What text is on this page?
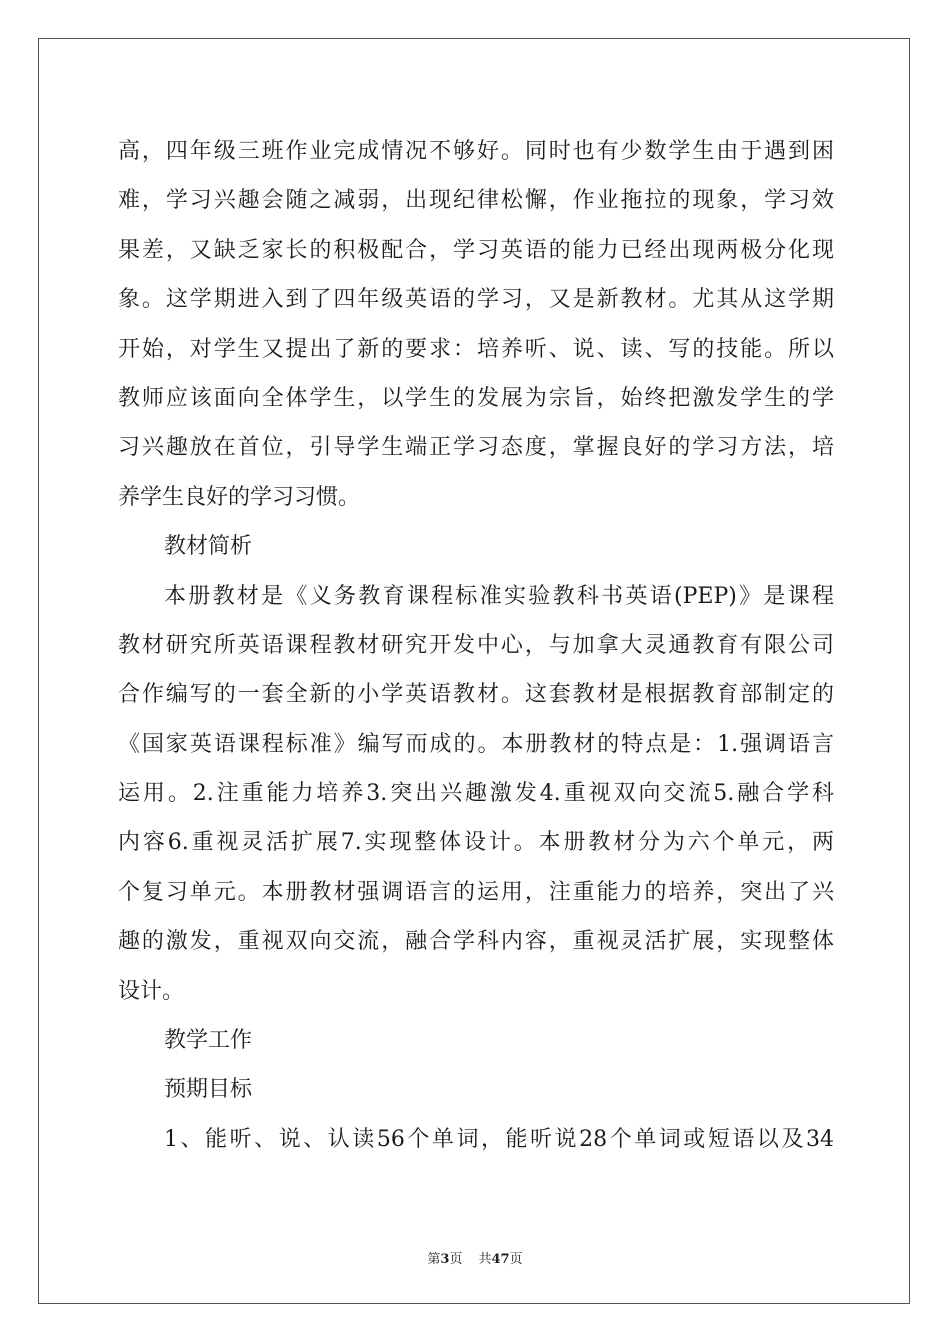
高，四年级三班作业完成情况不够好。同时也有少数学生由于遇到困
难，学习兴趣会随之减弱，出现纪律松懈，作业拖拉的现象，学习效
果差，又缺乏家长的积极配合，学习英语的能力已经出现两极分化现
象。这学期进入到了四年级英语的学习，又是新教材。尤其从这学期
开始，对学生又提出了新的要求：培养听、说、读、写的技能。所以
教师应该面向全体学生，以学生的发展为宗旨，始终把激发学生的学
习兴趣放在首位，引导学生端正学习态度，掌握良好的学习方法，培
养学生良好的学习习惯。
教材简析
本册教材是《义务教育课程标准实验教科书英语(PEP)》是课程
教材研究所英语课程教材研究开发中心，与加拿大灵通教育有限公司
合作编写的一套全新的小学英语教材。这套教材是根据教育部制定的
《国家英语课程标准》编写而成的。本册教材的特点是：1.强调语言
运用。2.注重能力培养3.突出兴趣激发4.重视双向交流5.融合学科
内容6.重视灵活扩展7.实现整体设计。本册教材分为六个单元，两
个复习单元。本册教材强调语言的运用，注重能力的培养，突出了兴
趣的激发，重视双向交流，融合学科内容，重视灵活扩展，实现整体
设计。
教学工作
预期目标
1、能听、说、认读56个单词，能听说28个单词或短语以及34
第3页 共47页
